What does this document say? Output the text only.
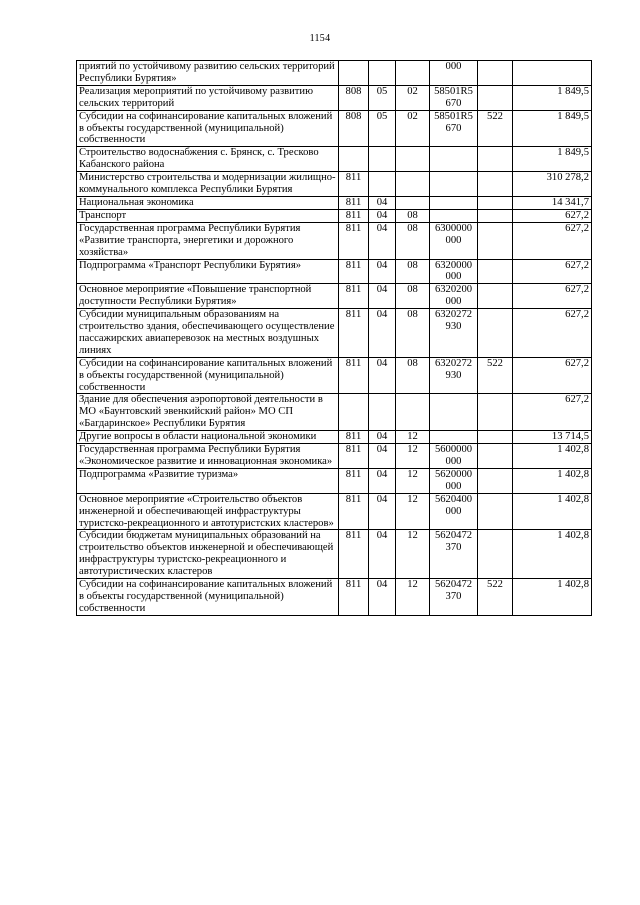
1154
приятий по устойчивому развитию сельских территорий Республики Бурятия»				000		
Реализация мероприятий по устойчивому развитию сельских территорий	808	05	02	58501R5 670		1 849,5
Субсидии на софинансирование капитальных вложений в объекты государственной (муниципальной) собственности	808	05	02	58501R5 670	522	1 849,5
Строительство водоснабжения с. Брянск, с. Тресково Кабанского района						1 849,5
Министерство строительства и модернизации жилищно-коммунального комплекса Республики Бурятия	811					310 278,2
Национальная экономика	811	04				14 341,7
Транспорт	811	04	08			627,2
Государственная программа Республики Бурятия «Развитие транспорта, энергетики и дорожного хозяйства»	811	04	08	6300000 000		627,2
Подпрограмма «Транспорт Республики Бурятия»	811	04	08	6320000 000		627,2
Основное мероприятие «Повышение транспортной доступности Республики Бурятия»	811	04	08	6320200 000		627,2
Субсидии муниципальным образованиям на строительство здания, обеспечивающего осуществление пассажирских авиаперевозок на местных воздушных линиях	811	04	08	6320272 930		627,2
Субсидии на софинансирование капитальных вложений в объекты государственной (муниципальной) собственности	811	04	08	6320272 930	522	627,2
Здание для обеспечения аэропортовой деятельности в МО «Баунтовский эвенкийский район» МО СП «Багдаринское» Республики Бурятия						627,2
Другие вопросы в области национальной экономики	811	04	12			13 714,5
Государственная программа Республики Бурятия «Экономическое развитие и инновационная экономика»	811	04	12	5600000 000		1 402,8
Подпрограмма «Развитие туризма»	811	04	12	5620000 000		1 402,8
Основное мероприятие «Строительство объектов инженерной и обеспечивающей инфраструктуры туристско-рекреационного и автотуристских кластеров»	811	04	12	5620400 000		1 402,8
Субсидии бюджетам муниципальных образований на строительство объектов инженерной и обеспечивающей инфраструктуры туристско-рекреационного и автотуристических кластеров	811	04	12	5620472 370		1 402,8
Субсидии на софинансирование капитальных вложений в объекты государственной (муниципальной) собственности	811	04	12	5620472 370	522	1 402,8
